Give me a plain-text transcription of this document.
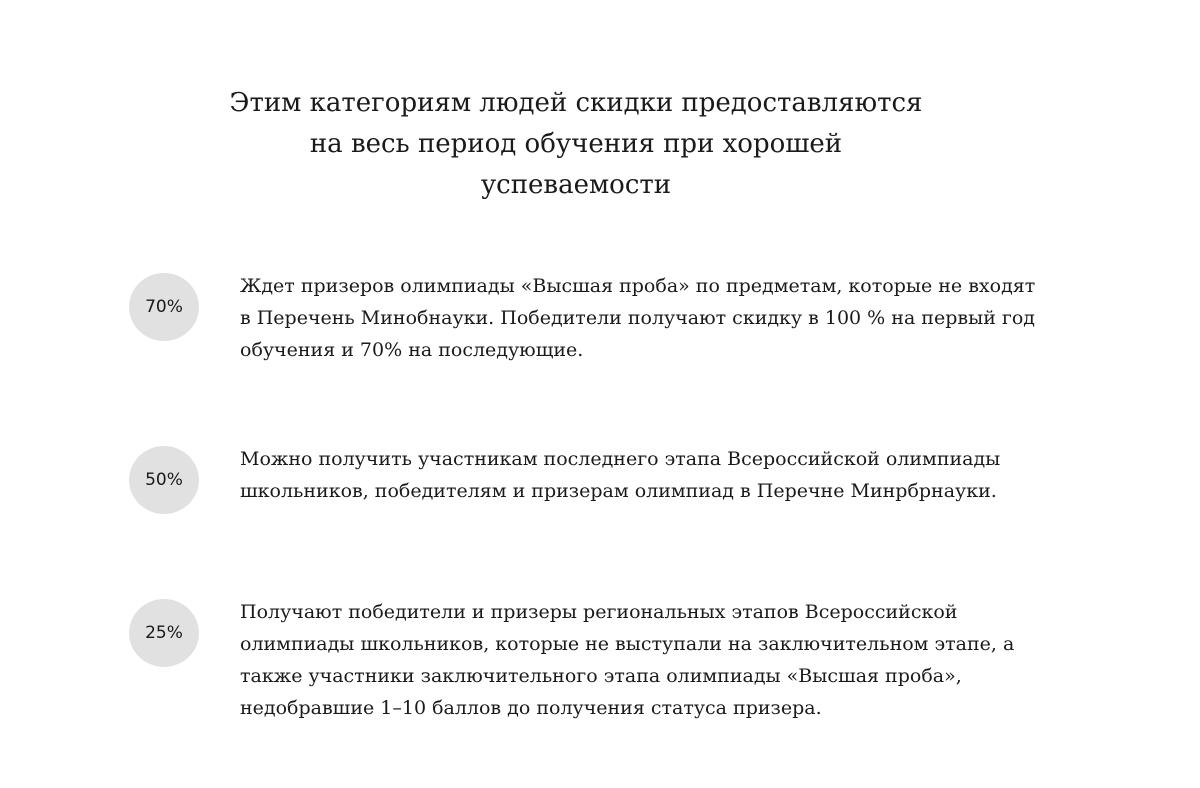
Этим категориям людей скидки предоставляются
на весь период обучения при хорошей
успеваемости
70%
Ждет призеров олимпиады «Высшая проба» по предметам, которые не входят
в Перечень Минобнауки. Победители получают скидку в 100 % на первый год
обучения и 70% на последующие.
50%
Можно получить участникам последнего этапа Всероссийской олимпиады
школьников, победителям и призерам олимпиад в Перечне Минрбрнауки.
25%
Получают победители и призеры региональных этапов Всероссийской
олимпиады школьников, которые не выступали на заключительном этапе, а
также участники заключительного этапа олимпиады «Высшая проба»,
недобравшие 1–10 баллов до получения статуса призера.
